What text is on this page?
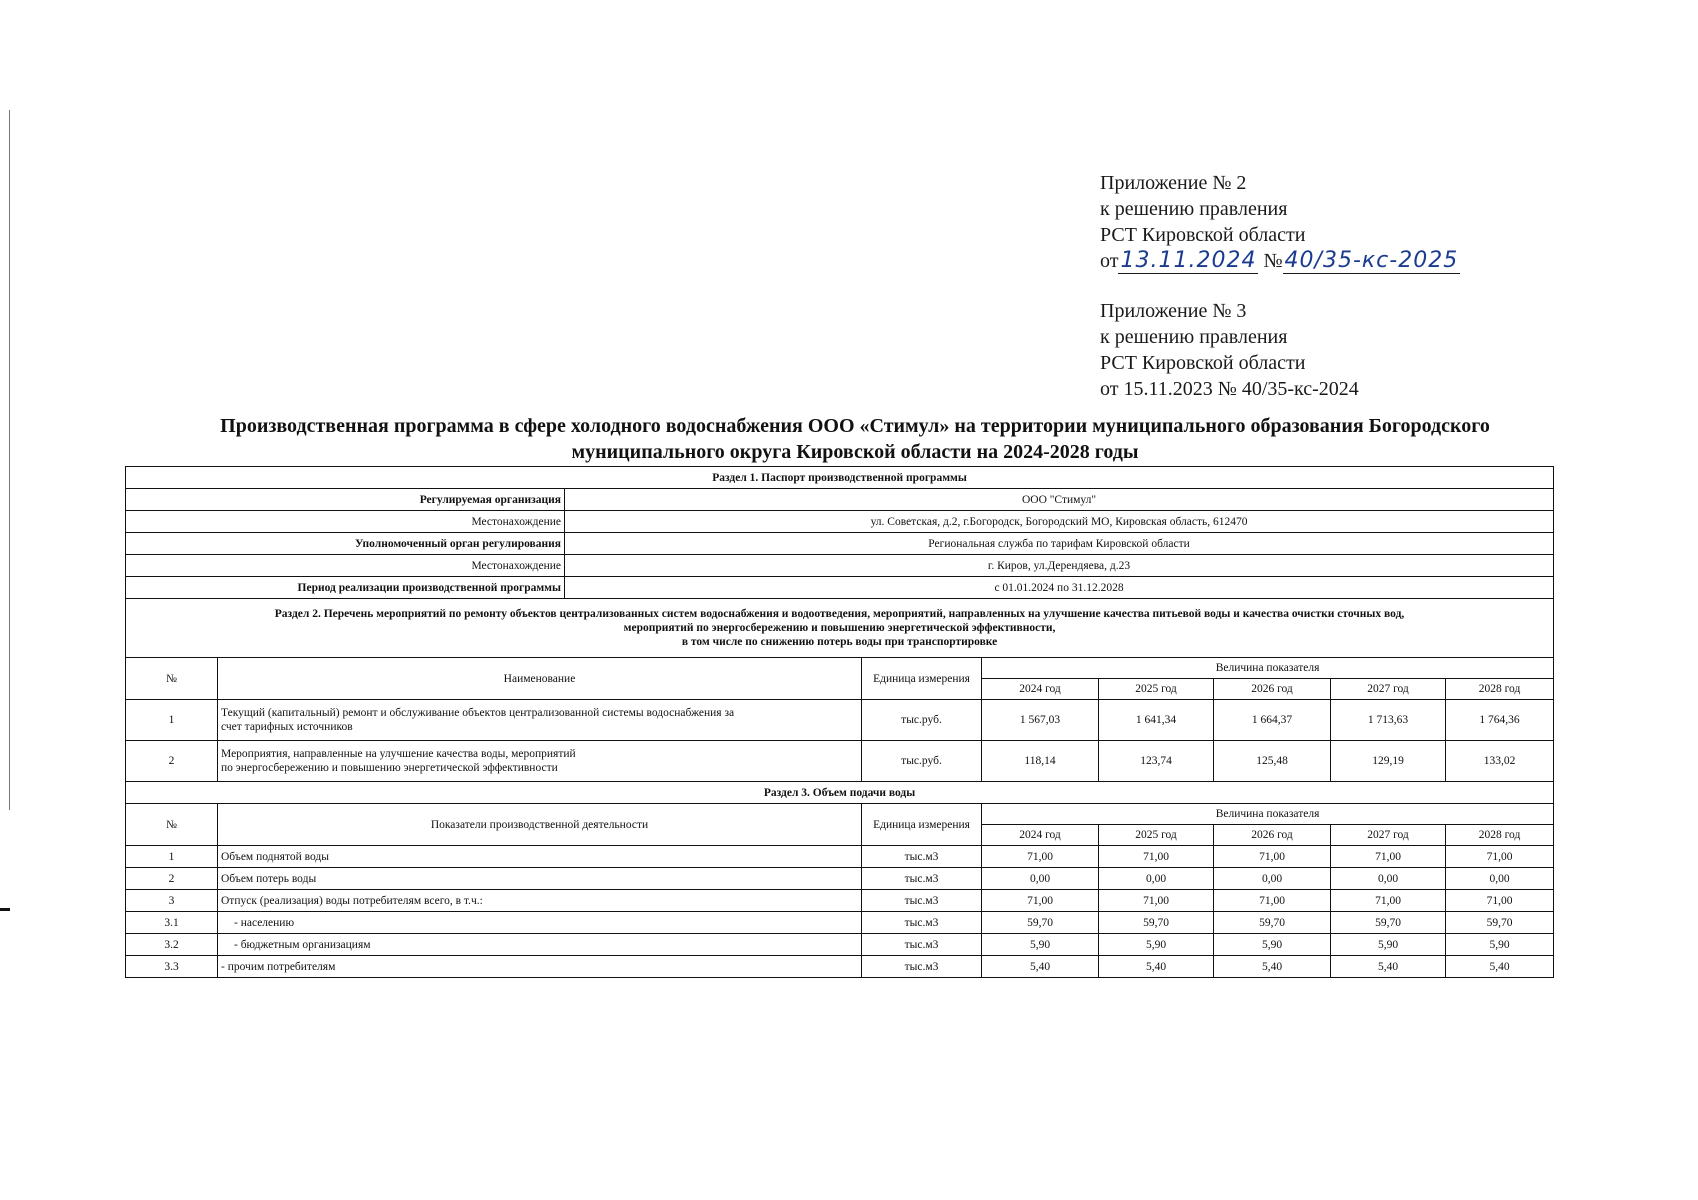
Приложение № 2
к решению правления
РСТ Кировской области
от13.11.2024 №40/35-кс-2025
Приложение № 3
к решению правления
РСТ Кировской области
от 15.11.2023 № 40/35-кс-2024
Производственная программа в сфере холодного водоснабжения ООО «Стимул» на территории муниципального образования Богородского
муниципального округа Кировской области на 2024-2028 годы
Раздел 1. Паспорт производственной программы								
Регулируемая организация		ООО "Стимул"						
Местонахождение		ул. Советская, д.2, г.Богородск, Богородский МО, Кировская область, 612470						
Уполномоченный орган регулирования		Региональная служба по тарифам Кировской области						
Местонахождение		г. Киров, ул.Дерендяева, д.23						
Период реализации производственной программы		с 01.01.2024 по 31.12.2028						

Раздел 2. Перечень мероприятий по ремонту объектов централизованных систем водоснабжения и водоотведения, мероприятий, направленных на улучшение качества питьевой воды и качества очистки сточных вод,
мероприятий по энергосбережению и повышению энергетической эффективности,
в том числе по снижению потерь воды при транспортировке								

№	Наименование		Единица измерения	Величина показателя				
				2024 год	2025 год	2026 год	2027 год	2028 год
1	Текущий (капитальный) ремонт и обслуживание объектов централизованной системы водоснабжения за
счет тарифных источников		тыс.руб.	1 567,03	1 641,34	1 664,37	1 713,63	1 764,36
2	Мероприятия, направленные на улучшение качества воды, мероприятий
по энергосбережению и повышению энергетической эффективности		тыс.руб.	118,14	123,74	125,48	129,19	133,02
Раздел 3. Объем подачи воды								
№	Показатели производственной деятельности		Единица измерения	Величина показателя				
				2024 год	2025 год	2026 год	2027 год	2028 год
1	Объем поднятой воды		тыс.м3	71,00	71,00	71,00	71,00	71,00
2	Объем потерь воды		тыс.м3	0,00	0,00	0,00	0,00	0,00
3	Отпуск (реализация) воды потребителям всего, в т.ч.:		тыс.м3	71,00	71,00	71,00	71,00	71,00
3.1	- населению		тыс.м3	59,70	59,70	59,70	59,70	59,70
3.2	- бюджетным организациям		тыс.м3	5,90	5,90	5,90	5,90	5,90
3.3	- прочим потребителям		тыс.м3	5,40	5,40	5,40	5,40	5,40
